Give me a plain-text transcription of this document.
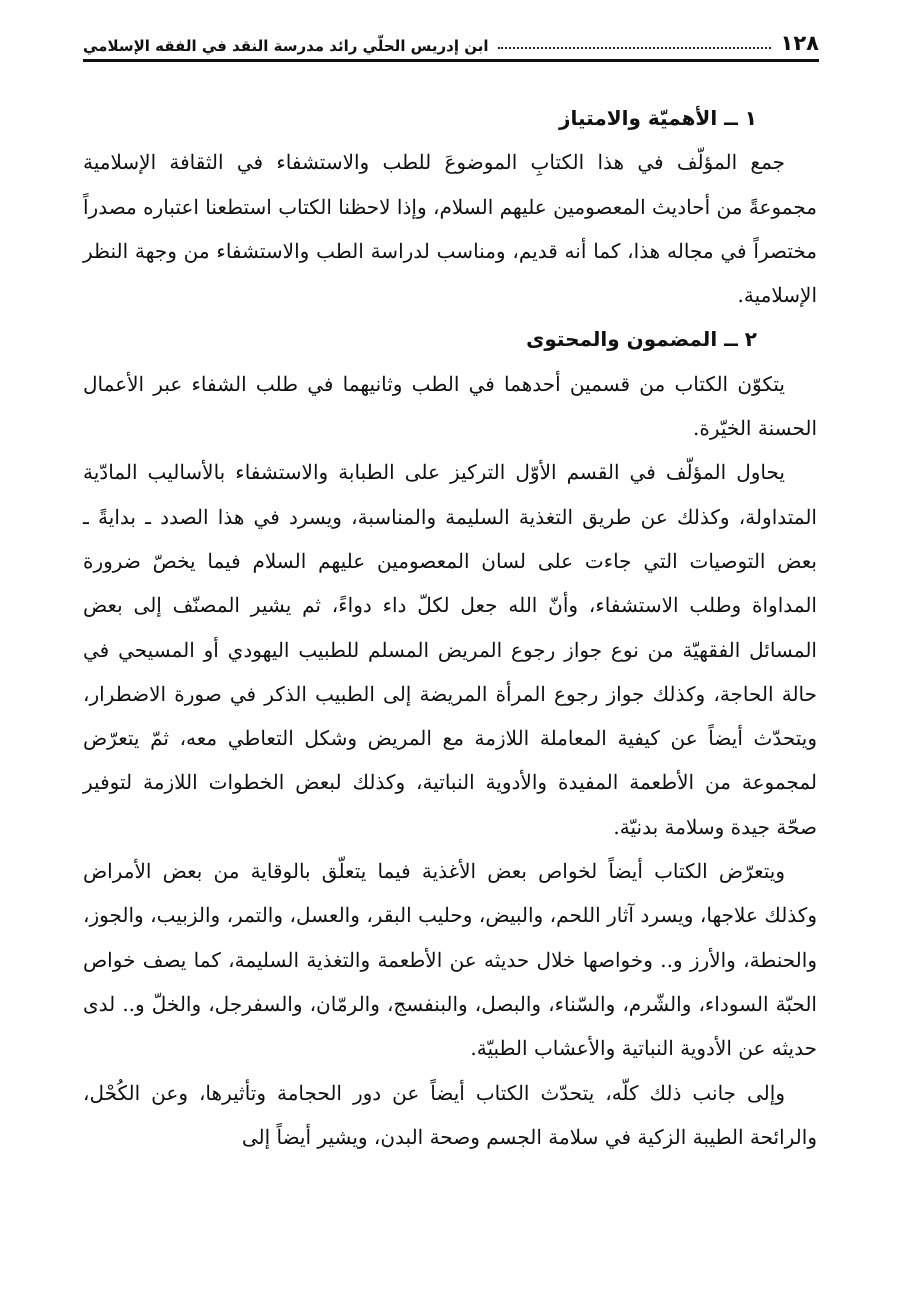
١٢٨
ابن إدريس الحلّي رائد مدرسة النقد في الفقه الإسلامي
١ ــ الأهميّة والامتياز

جمع المؤلّف في هذا الكتابِ الموضوعَ للطب والاستشفاء في الثقافة الإسلامية مجموعةً من أحاديث المعصومين عليهم السلام، وإذا لاحظنا الكتاب استطعنا اعتباره مصدراً مختصراً في مجاله هذا، كما أنه قديم، ومناسب لدراسة الطب والاستشفاء من وجهة النظر الإسلامية.

٢ ــ المضمون والمحتوى

يتكوّن الكتاب من قسمين أحدهما في الطب وثانيهما في طلب الشفاء عبر الأعمال الحسنة الخيّرة.

يحاول المؤلّف في القسم الأوّل التركيز على الطبابة والاستشفاء بالأساليب المادّية المتداولة، وكذلك عن طريق التغذية السليمة والمناسبة، ويسرد في هذا الصدد ـ بدايةً ـ بعض التوصيات التي جاءت على لسان المعصومين عليهم السلام فيما يخصّ ضرورة المداواة وطلب الاستشفاء، وأنّ الله جعل لكلّ داء دواءً، ثم يشير المصنّف إلى بعض المسائل الفقهيّة من نوع جواز رجوع المريض المسلم للطبيب اليهودي أو المسيحي في حالة الحاجة، وكذلك جواز رجوع المرأة المريضة إلى الطبيب الذكر في صورة الاضطرار، ويتحدّث أيضاً عن كيفية المعاملة اللازمة مع المريض وشكل التعاطي معه، ثمّ يتعرّض لمجموعة من الأطعمة المفيدة والأدوية النباتية، وكذلك لبعض الخطوات اللازمة لتوفير صحّة جيدة وسلامة بدنيّة.

ويتعرّض الكتاب أيضاً لخواص بعض الأغذية فيما يتعلّق بالوقاية من بعض الأمراض وكذلك علاجها، ويسرد آثار اللحم، والبيض، وحليب البقر، والعسل، والتمر، والزبيب، والجوز، والحنطة، والأرز و.. وخواصها خلال حديثه عن الأطعمة والتغذية السليمة، كما يصف خواص الحبّة السوداء، والشّرم، والسّناء، والبصل، والبنفسج، والرمّان، والسفرجل، والخلّ و.. لدى حديثه عن الأدوية النباتية والأعشاب الطبيّة.

وإلى جانب ذلك كلّه، يتحدّث الكتاب أيضاً عن دور الحجامة وتأثيرها، وعن الكُحْل، والرائحة الطيبة الزكية في سلامة الجسم وصحة البدن، ويشير أيضاً إلى
